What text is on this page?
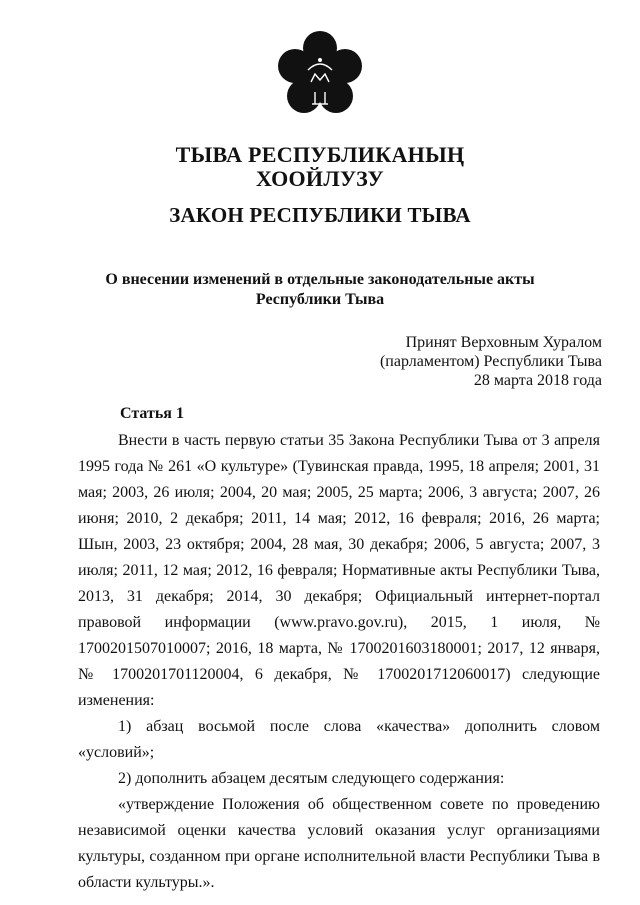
ТЫВА РЕСПУБЛИКАНЫҢ
ХООЙЛУЗУ
ЗАКОН РЕСПУБЛИКИ ТЫВА
О внесении изменений в отдельные законодательные акты
Республики Тыва
Принят Верховным Хуралом
(парламентом) Республики Тыва
28 марта 2018 года
Статья 1

Внести в часть первую статьи 35 Закона Республики Тыва от 3 апреля 1995 года № 261 «О культуре» (Тувинская правда, 1995, 18 апреля; 2001, 31 мая; 2003, 26 июля; 2004, 20 мая; 2005, 25 марта; 2006, 3 августа; 2007, 26 июня; 2010, 2 декабря; 2011, 14 мая; 2012, 16 февраля; 2016, 26 марта; Шын, 2003, 23 октября; 2004, 28 мая, 30 декабря; 2006, 5 августа; 2007, 3 июля; 2011, 12 мая; 2012, 16 февраля; Нормативные акты Республики Тыва, 2013, 31 декабря; 2014, 30 декабря; Официальный интернет-портал правовой информации (www.pravo.gov.ru), 2015, 1 июля, № 1700201507010007; 2016, 18 марта, № 1700201603180001; 2017, 12 января, № 1700201701120004, 6 декабря, № 1700201712060017) следующие изменения:

1) абзац восьмой после слова «качества» дополнить словом «условий»;

2) дополнить абзацем десятым следующего содержания:

«утверждение Положения об общественном совете по проведению независимой оценки качества условий оказания услуг организациями культуры, созданном при органе исполнительной власти Республики Тыва в области культуры.».
